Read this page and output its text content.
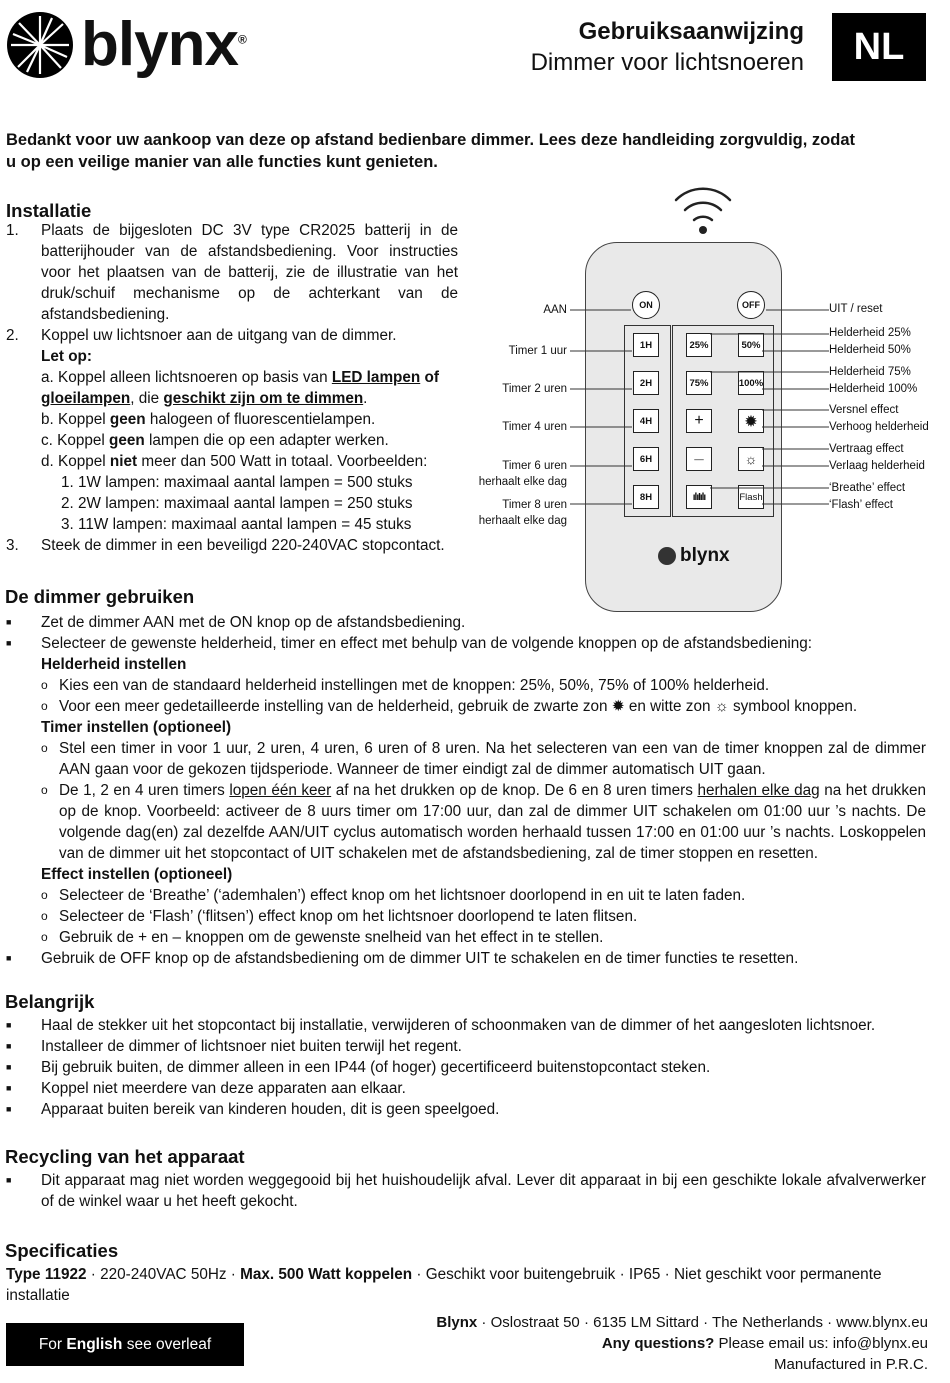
blynx®	Gebruiksaanwijzing
Dimmer voor lichtsnoeren	NL
Bedankt voor uw aankoop van deze op afstand bedienbare dimmer. Lees deze handleiding zorgvuldig, zodat u op een veilige manier van alle functies kunt genieten.
Installatie
1.	Plaats de bijgesloten DC 3V type CR2025 batterij in de batterijhouder van de afstandsbediening. Voor instructies voor het plaatsen van de batterij, zie de illustratie van het druk/schuif mechanisme op de achterkant van de afstandsbediening.
2.	Koppel uw lichtsnoer aan de uitgang van de dimmer.
Let op:
a. Koppel alleen lichtsnoeren op basis van LED lampen of gloeilampen, die geschikt zijn om te dimmen.
b. Koppel geen halogeen of fluorescentielampen.
c. Koppel geen lampen die op een adapter werken.
d. Koppel niet meer dan 500 Watt in totaal. Voorbeelden:
1. 1W lampen: maximaal aantal lampen = 500 stuks
2. 2W lampen: maximaal aantal lampen = 250 stuks
3. 11W lampen: maximaal aantal lampen = 45 stuks
3.	Steek de dimmer in een beveiligd 220-240VAC stopcontact.
ON	OFF
1H
2H
4H
6H
8H
25%	50%
75%	100%
+	✹
—	☼
ılıIılı	Flash
blynx
AAN
Timer 1 uur
Timer 2 uren
Timer 4 uren
Timer 6 uren
herhaalt elke dag
Timer 8 uren
herhaalt elke dag
UIT / reset
Helderheid 25%
Helderheid 50%
Helderheid 75%
Helderheid 100%
Versnel effect
Verhoog helderheid
Vertraag effect
Verlaag helderheid
‘Breathe’ effect
‘Flash’ effect
De dimmer gebruiken
■	Zet de dimmer AAN met de ON knop op de afstandsbediening.
■	Selecteer de gewenste helderheid, timer en effect met behulp van de volgende knoppen op de afstandsbediening:
Helderheid instellen
o Kies een van de standaard helderheid instellingen met de knoppen: 25%, 50%, 75% of 100% helderheid.
o Voor een meer gedetailleerde instelling van de helderheid, gebruik de zwarte zon ✹ en witte zon ☼ symbool knoppen.
Timer instellen (optioneel)
o Stel een timer in voor 1 uur, 2 uren, 4 uren, 6 uren of 8 uren. Na het selecteren van een van de timer knoppen zal de dimmer AAN gaan voor de gekozen tijdsperiode. Wanneer de timer eindigt zal de dimmer automatisch UIT gaan.
o De 1, 2 en 4 uren timers lopen één keer af na het drukken op de knop. De 6 en 8 uren timers herhalen elke dag na het drukken op de knop. Voorbeeld: activeer de 8 uurs timer om 17:00 uur, dan zal de dimmer UIT schakelen om 01:00 uur ’s nachts. De volgende dag(en) zal dezelfde AAN/UIT cyclus automatisch worden herhaald tussen 17:00 en 01:00 uur ’s nachts. Loskoppelen van de dimmer uit het stopcontact of UIT schakelen met de afstandsbediening, zal de timer stoppen en resetten.
Effect instellen (optioneel)
o Selecteer de ‘Breathe’ (‘ademhalen’) effect knop om het lichtsnoer doorlopend in en uit te laten faden.
o Selecteer de ‘Flash’ (‘flitsen’) effect knop om het lichtsnoer doorlopend te laten flitsen.
o Gebruik de + en – knoppen om de gewenste snelheid van het effect in te stellen.
■	Gebruik de OFF knop op de afstandsbediening om de dimmer UIT te schakelen en de timer functies te resetten.
Belangrijk
■	Haal de stekker uit het stopcontact bij installatie, verwijderen of schoonmaken van de dimmer of het aangesloten lichtsnoer.
■	Installeer de dimmer of lichtsnoer niet buiten terwijl het regent.
■	Bij gebruik buiten, de dimmer alleen in een IP44 (of hoger) gecertificeerd buitenstopcontact steken.
■	Koppel niet meerdere van deze apparaten aan elkaar.
■	Apparaat buiten bereik van kinderen houden, dit is geen speelgoed.
Recycling van het apparaat
■	Dit apparaat mag niet worden weggegooid bij het huishoudelijk afval. Lever dit apparaat in bij een geschikte lokale afvalverwerker of de winkel waar u het heeft gekocht.
Specificaties
Type 11922 · 220-240VAC 50Hz · Max. 500 Watt koppelen · Geschikt voor buitengebruik · IP65 · Niet geschikt voor permanente installatie
For English see overleaf
Blynx · Oslostraat 50 · 6135 LM Sittard · The Netherlands · www.blynx.eu
Any questions? Please email us: info@blynx.eu
Manufactured in P.R.C.
